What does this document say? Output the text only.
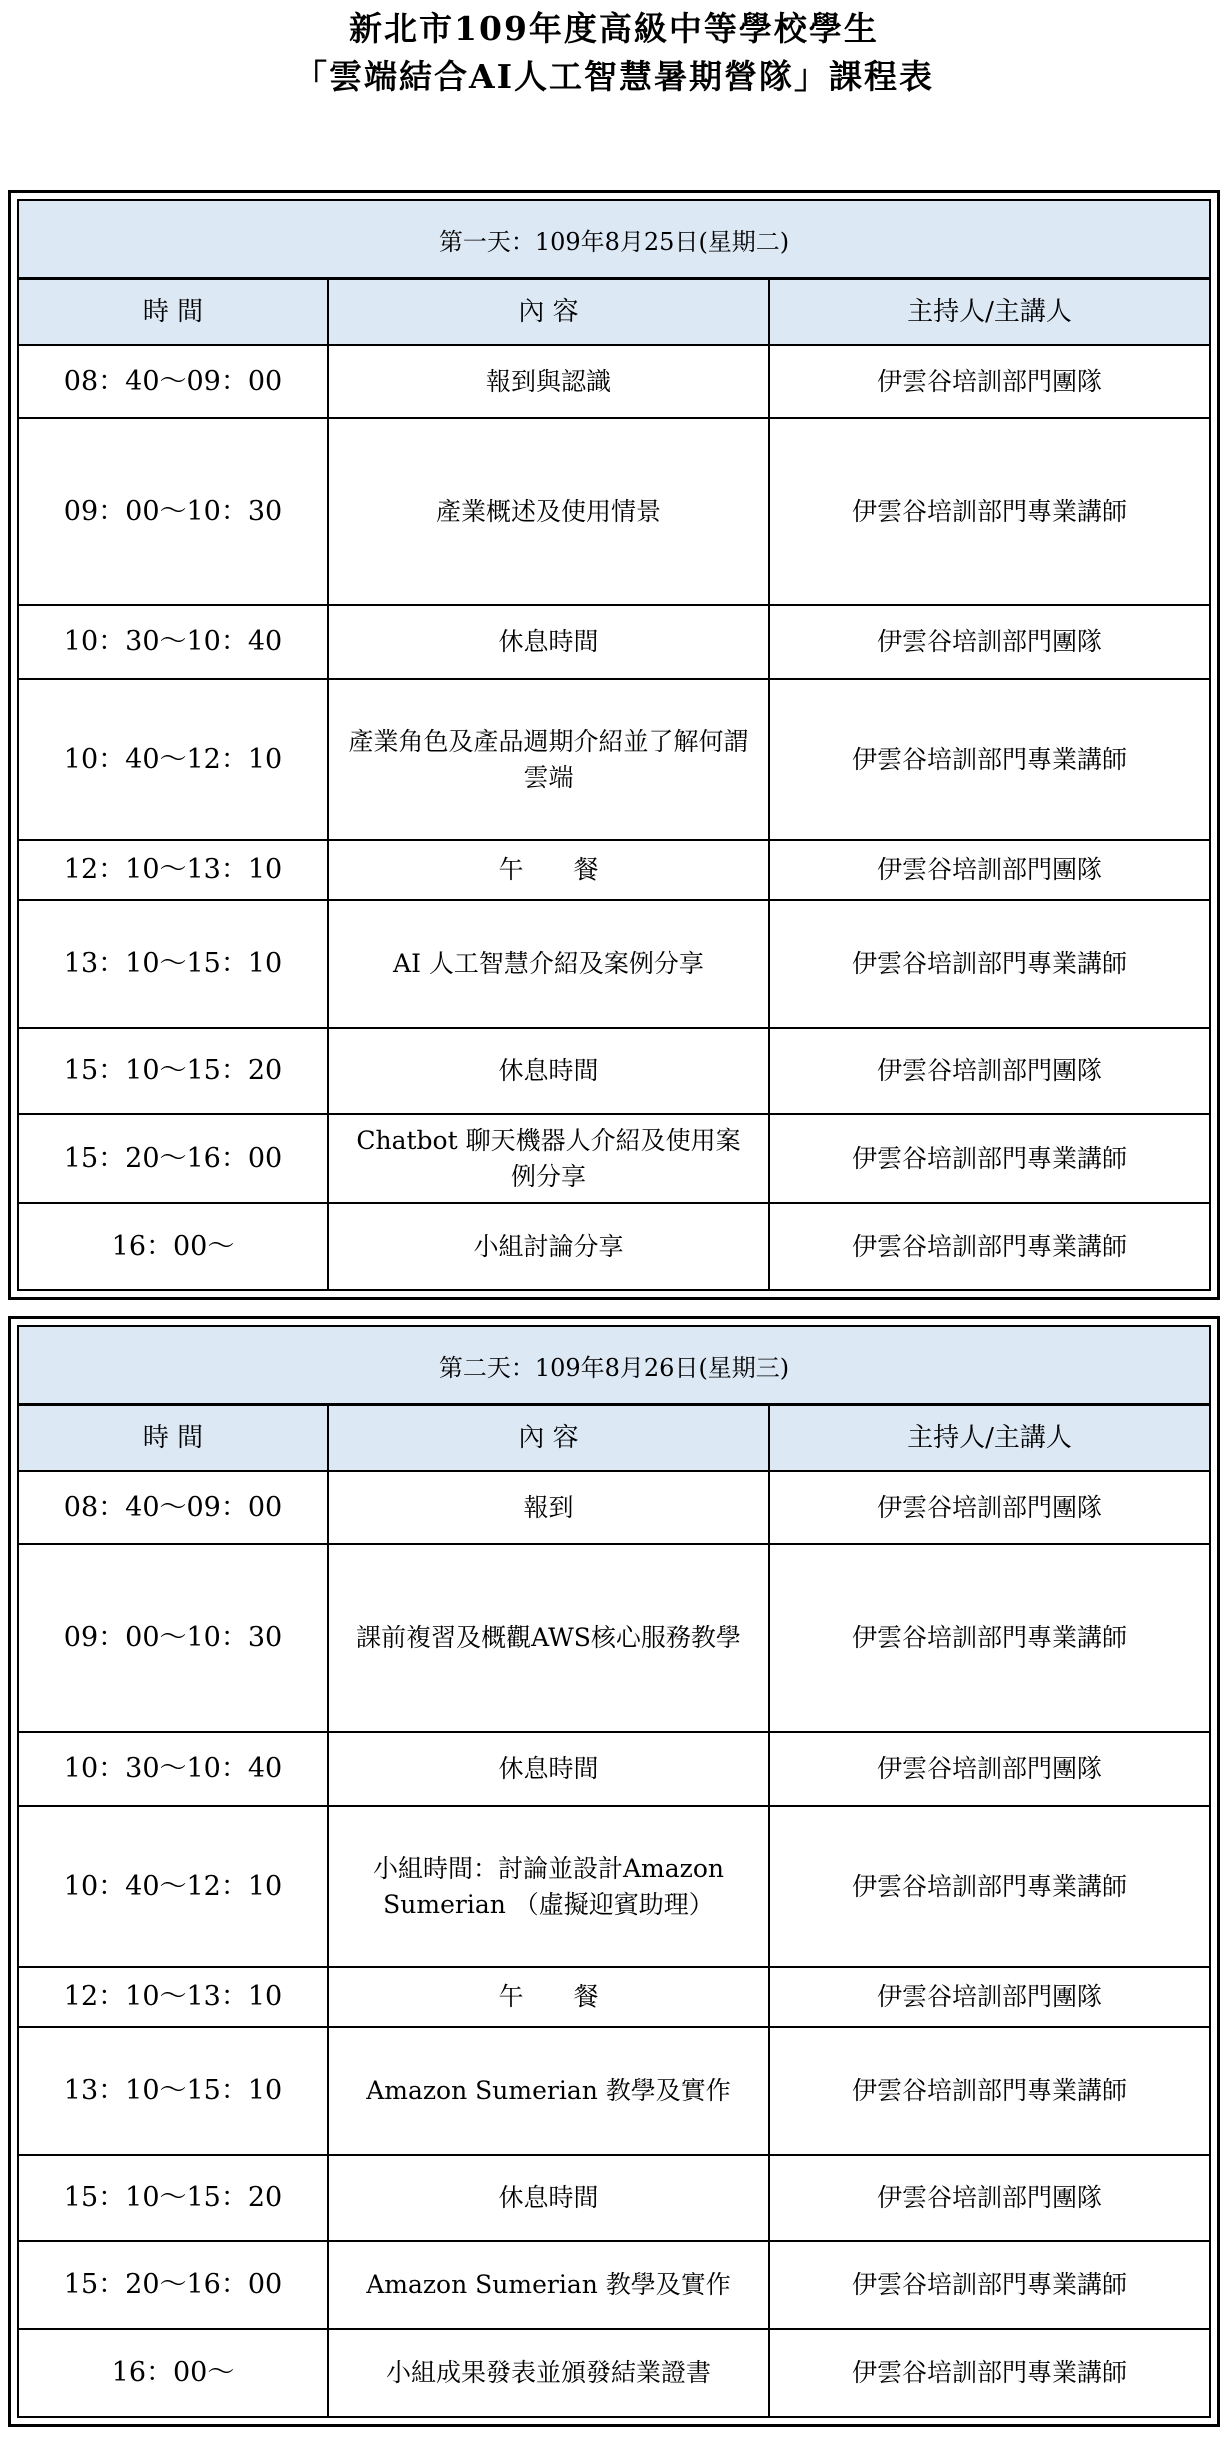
新北市109年度高級中等學校學生
「雲端結合AI人工智慧暑期營隊」課程表
第一天：109年8月25日(星期二)
時 間	內 容	主持人/主講人
08：40～09：00	報到與認識	伊雲谷培訓部門團隊
09：00～10：30	產業概述及使用情景	伊雲谷培訓部門專業講師
10：30～10：40	休息時間	伊雲谷培訓部門團隊
10：40～12：10	產業角色及產品週期介紹並了解何謂雲端	伊雲谷培訓部門專業講師
12：10～13：10	午　　餐	伊雲谷培訓部門團隊
13：10～15：10	AI 人工智慧介紹及案例分享	伊雲谷培訓部門專業講師
15：10～15：20	休息時間	伊雲谷培訓部門團隊
15：20～16：00	Chatbot 聊天機器人介紹及使用案例分享	伊雲谷培訓部門專業講師
16：00～	小組討論分享	伊雲谷培訓部門專業講師
第二天：109年8月26日(星期三)
時 間	內 容	主持人/主講人
08：40～09：00	報到	伊雲谷培訓部門團隊
09：00～10：30	課前複習及概觀AWS核心服務教學	伊雲谷培訓部門專業講師
10：30～10：40	休息時間	伊雲谷培訓部門團隊
10：40～12：10	小組時間：討論並設計Amazon Sumerian （虛擬迎賓助理）	伊雲谷培訓部門專業講師
12：10～13：10	午　　餐	伊雲谷培訓部門團隊
13：10～15：10	Amazon Sumerian 教學及實作	伊雲谷培訓部門專業講師
15：10～15：20	休息時間	伊雲谷培訓部門團隊
15：20～16：00	Amazon Sumerian 教學及實作	伊雲谷培訓部門專業講師
16：00～	小組成果發表並頒發結業證書	伊雲谷培訓部門專業講師
